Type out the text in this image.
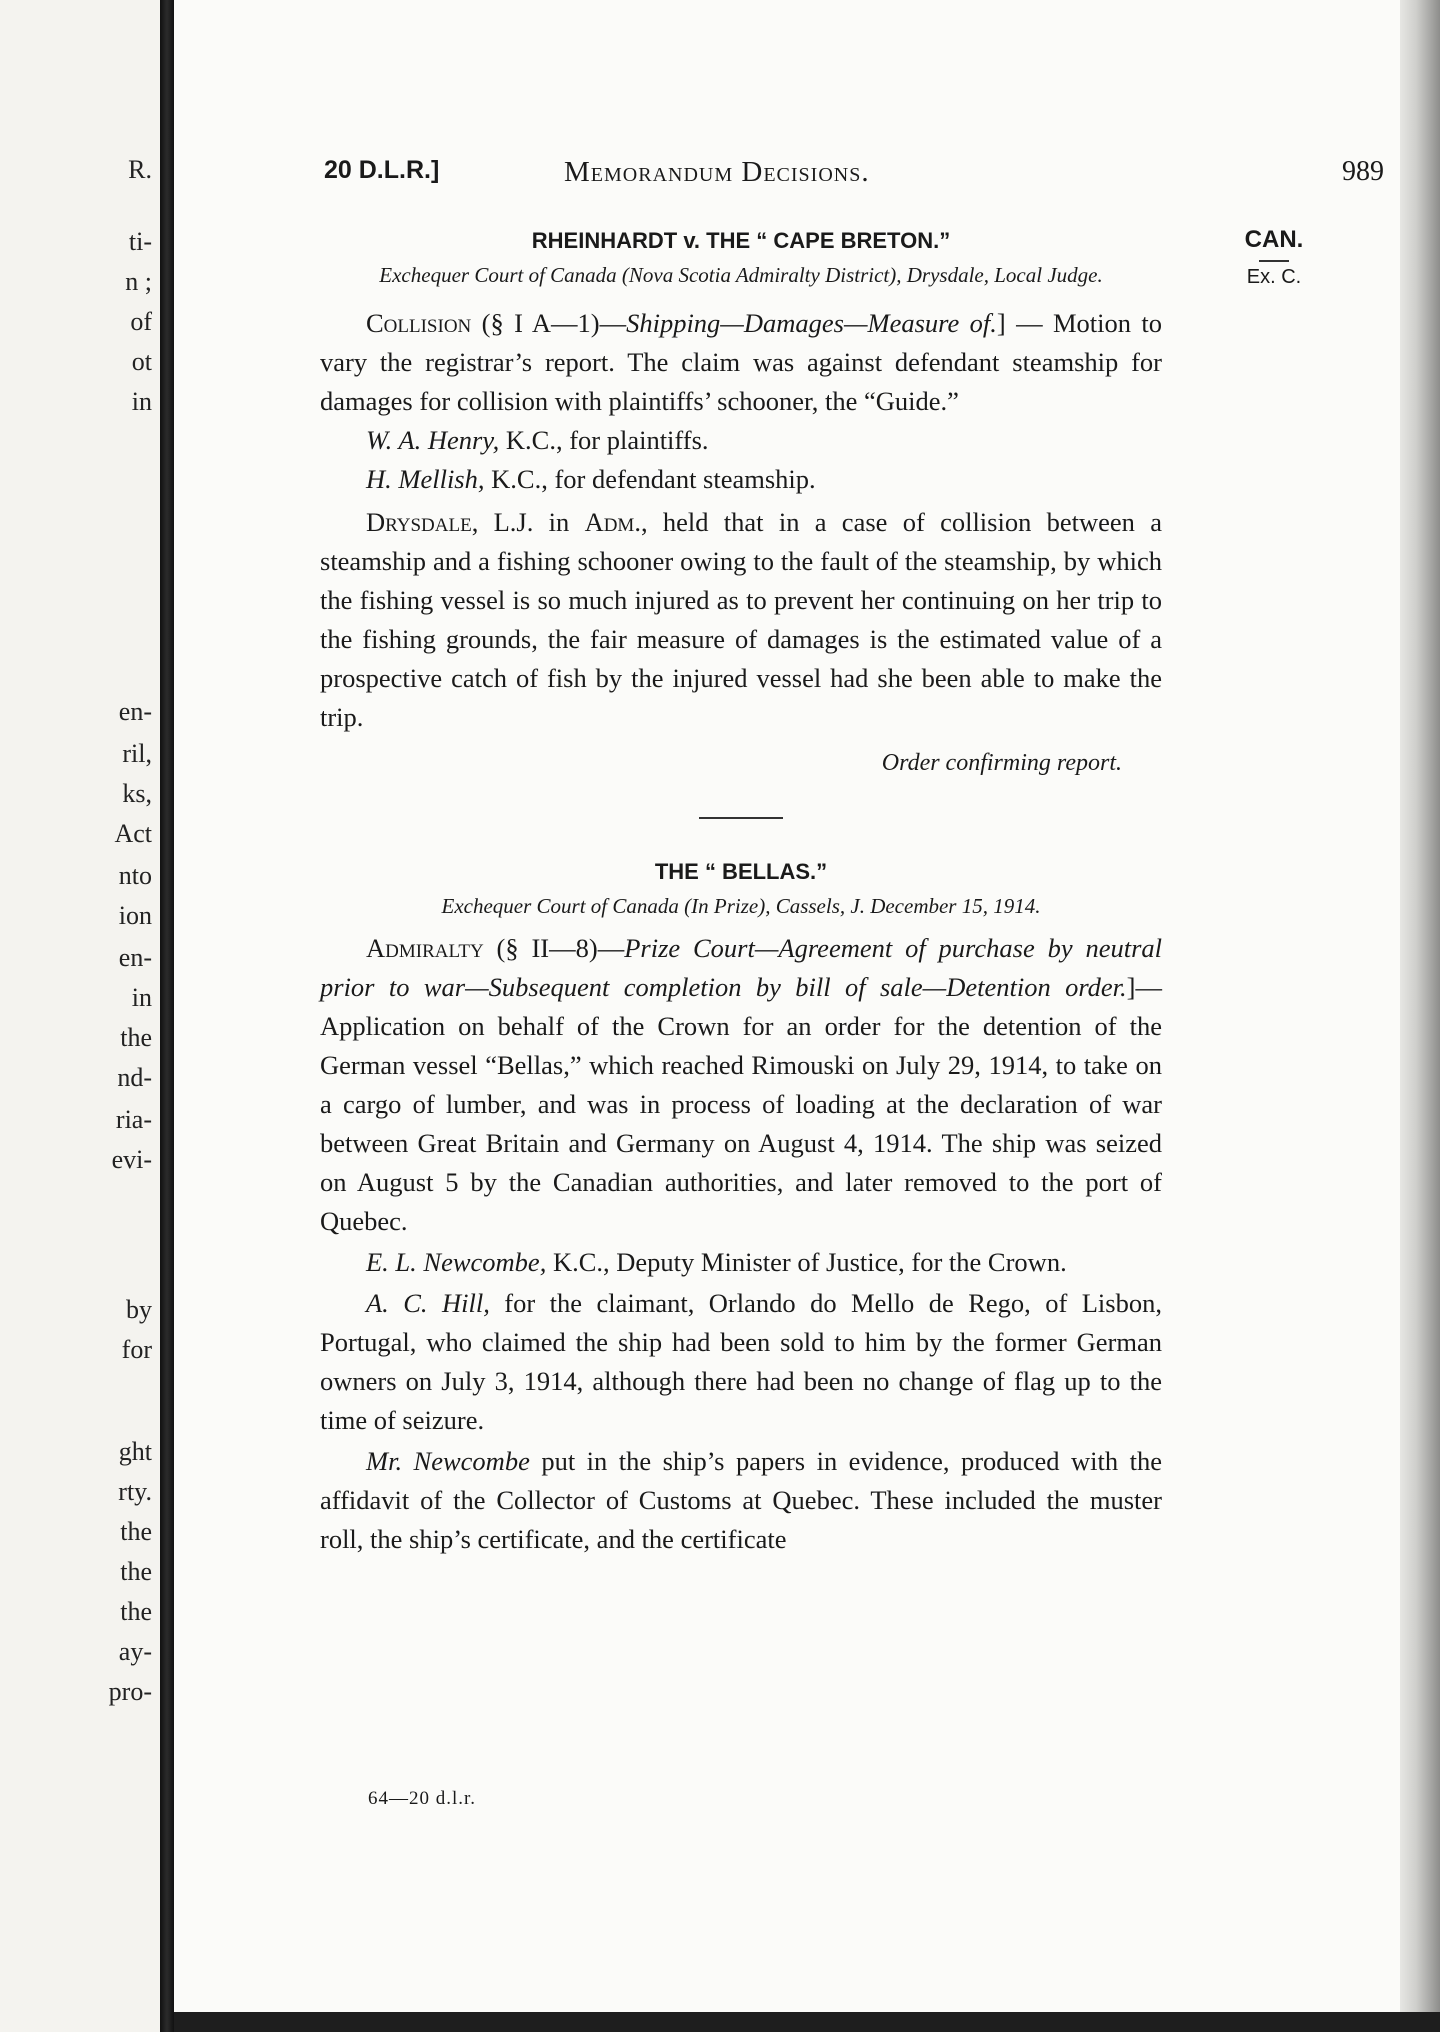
R.
ti-
n ;
of
ot
in
en-
ril,
ks,
Act
nto
ion
en-
in
the
nd-
ria-
evi-
by
for
ght
rty.
the
the
the
ay-
pro-
20 D.L.R.]	Memorandum Decisions.	989
CAN.
Ex. C.
RHEINHARDT v. THE “ CAPE BRETON.”
Exchequer Court of Canada (Nova Scotia Admiralty District), Drysdale, Local Judge.

Collision (§ I A—1)—Shipping—Damages—Measure of.] — Motion to vary the registrar’s report. The claim was against defendant steamship for damages for collision with plaintiffs’ schooner, the “Guide.”

W. A. Henry, K.C., for plaintiffs.

H. Mellish, K.C., for defendant steamship.

Drysdale, L.J. in Adm., held that in a case of collision between a steamship and a fishing schooner owing to the fault of the steamship, by which the fishing vessel is so much injured as to prevent her continuing on her trip to the fishing grounds, the fair measure of damages is the estimated value of a prospective catch of fish by the injured vessel had she been able to make the trip.

Order confirming report.
THE “ BELLAS.”
Exchequer Court of Canada (In Prize), Cassels, J. December 15, 1914.

Admiralty (§ II—8)—Prize Court—Agreement of purchase by neutral prior to war—Subsequent completion by bill of sale—Detention order.]—Application on behalf of the Crown for an order for the detention of the German vessel “Bellas,” which reached Rimouski on July 29, 1914, to take on a cargo of lumber, and was in process of loading at the declaration of war between Great Britain and Germany on August 4, 1914. The ship was seized on August 5 by the Canadian authorities, and later removed to the port of Quebec.

E. L. Newcombe, K.C., Deputy Minister of Justice, for the Crown.

A. C. Hill, for the claimant, Orlando do Mello de Rego, of Lisbon, Portugal, who claimed the ship had been sold to him by the former German owners on July 3, 1914, although there had been no change of flag up to the time of seizure.

Mr. Newcombe put in the ship’s papers in evidence, produced with the affidavit of the Collector of Customs at Quebec. These included the muster roll, the ship’s certificate, and the certificate

64—20 d.l.r.
